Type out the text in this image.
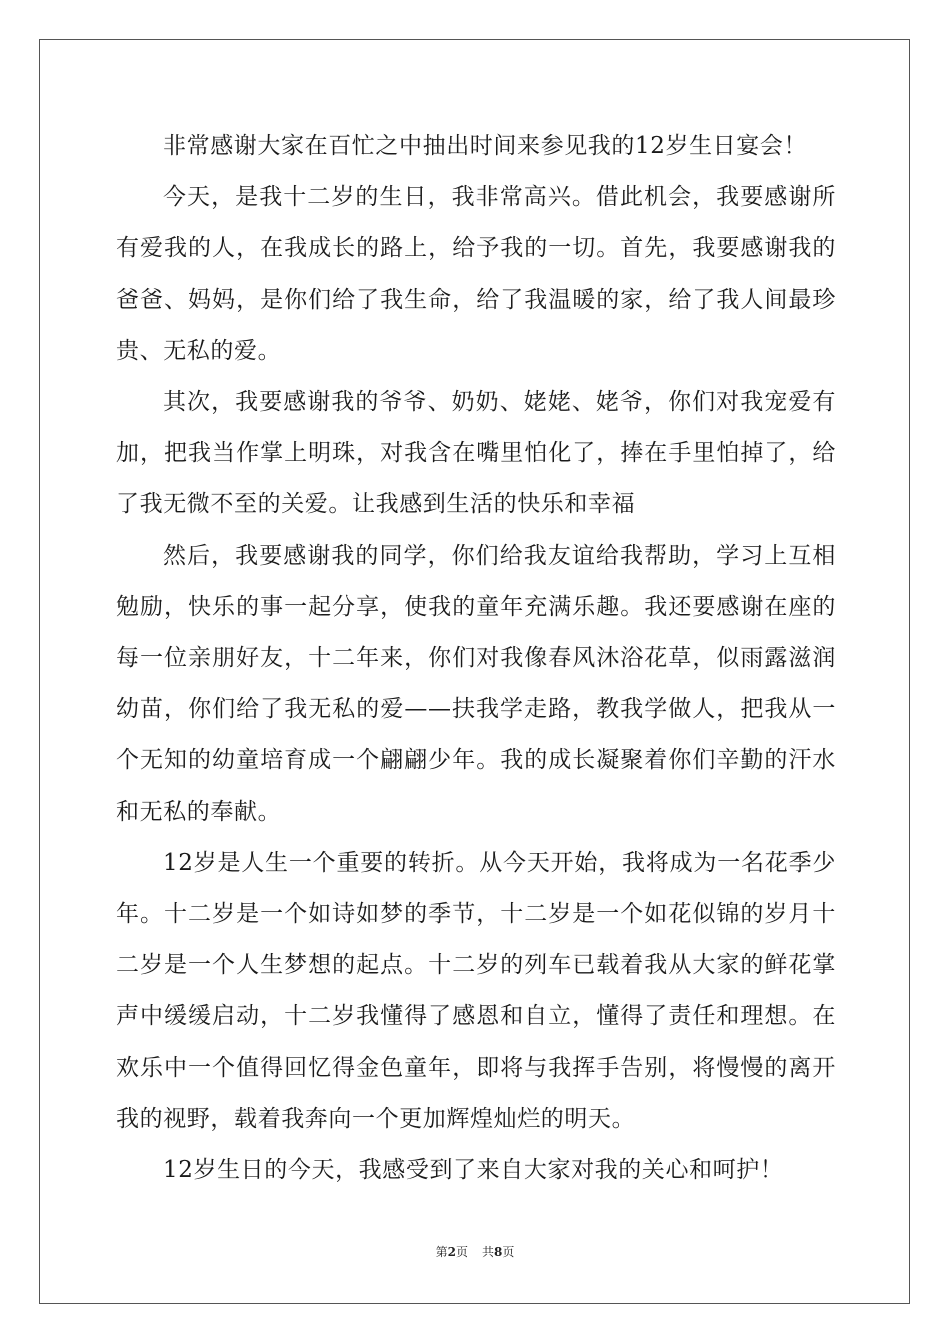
非常感谢大家在百忙之中抽出时间来参见我的12岁生日宴会！

今天，是我十二岁的生日，我非常高兴。借此机会，我要感谢所有爱我的人，在我成长的路上，给予我的一切。首先，我要感谢我的爸爸、妈妈，是你们给了我生命，给了我温暖的家，给了我人间最珍贵、无私的爱。

其次，我要感谢我的爷爷、奶奶、姥姥、姥爷，你们对我宠爱有加，把我当作掌上明珠，对我含在嘴里怕化了，捧在手里怕掉了，给了我无微不至的关爱。让我感到生活的快乐和幸福

然后，我要感谢我的同学，你们给我友谊给我帮助，学习上互相勉励，快乐的事一起分享，使我的童年充满乐趣。我还要感谢在座的每一位亲朋好友，十二年来，你们对我像春风沐浴花草，似雨露滋润幼苗，你们给了我无私的爱——扶我学走路，教我学做人，把我从一个无知的幼童培育成一个翩翩少年。我的成长凝聚着你们辛勤的汗水和无私的奉献。

12岁是人生一个重要的转折。从今天开始，我将成为一名花季少年。十二岁是一个如诗如梦的季节，十二岁是一个如花似锦的岁月十二岁是一个人生梦想的起点。十二岁的列车已载着我从大家的鲜花掌声中缓缓启动，十二岁我懂得了感恩和自立，懂得了责任和理想。在欢乐中一个值得回忆得金色童年，即将与我挥手告别，将慢慢的离开我的视野，载着我奔向一个更加辉煌灿烂的明天。

12岁生日的今天，我感受到了来自大家对我的关心和呵护！

第2页 共8页
